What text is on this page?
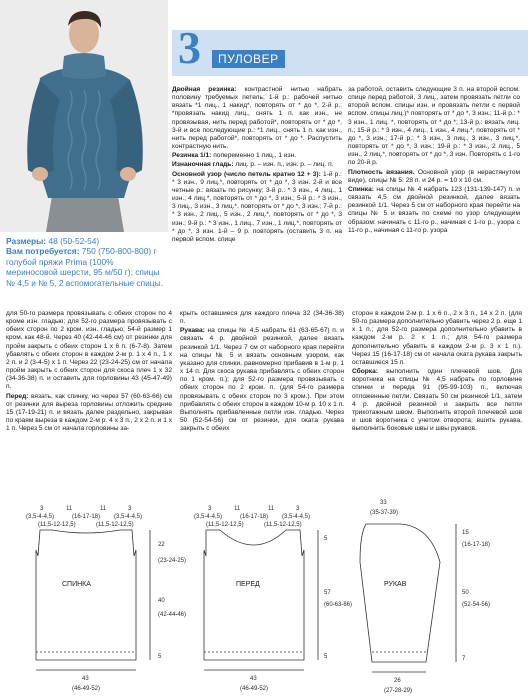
Размеры: 48 (50-52-54)
Вам потребуется: 750 (750-800-800) г голубой пряжи Prima (100% мериносовой шерсти, 95 м/50 г); спицы № 4,5 и № 5, 2 вспомогательные спицы.
3	ПУЛОВЕР

Двойная резинка: контрастной нитью набрать половину требуемых петель; 1-й р.: рабочей нитью вязать *1 лиц., 1 накид*, повторять от * до *, 2-й р.: *провязать накид лиц., снять 1 п. как изн., не провязывая, нить перед работой*, повторять от * до *, 3-й и все последующие р.: *1 лиц., снять 1 п. как изн., нить перед работой*, повторять от * до *. Распустить контрастную нить.

Резинка 1/1: попеременно 1 лиц., 1 изн.

Изнаночная гладь: лиц. р. – изн. п., изн. р. – лиц. п.

Основной узор (число петель кратно 12 + 3): 1-й р.: * 3 изн., 9 лиц.*, повторять от * до *, 3 изн. 2-й и все четные р.: вязать по рисунку; 3-й р.: * 3 изн., 4 лиц., 1 изн., 4 лиц.*, повторять от * до *, 3 изн.; 5-й р.: * 3 изн., 3 лиц., 3 изн., 3 лиц.*, повторять от * до *, 3 изн.; 7-й р.: * 3 изн., 2 лиц., 5 изн., 2 лиц.*, повторять от * до *, 3 изн.; 9-й р.: * 3 изн., 1 лиц., 7 изн., 1 лиц.*, повторять от * до *, 3 изн. 1-й – 9 р. повторять (оставить 3 п. на первой вспом. спице

за работой, оставить следующие 3 п. на второй вспом. спице перед работой, 3 лиц., затем провязать петли со второй вспом. спицы изн. и провязать петли с первой вспом. спицы лиц.)* повторять от * до *, 3 изн.; 11-й р.: * 3 изн., 1 лиц. *, повторять от * до *; 13-й р.: вязать лиц. п.; 15-й р.: * 3 изн., 4 лиц., 1 изн., 4 лиц.*, повторять от * до *, 3 изн.; 17-й р.: * 3 изн., 3 лиц., 3 изн., 3 лиц.*, повторять от * до *, 3 изн.; 19-й р.: * 3 изн., 2 лиц., 5 изн., 2 лиц.*, повторять от * до *, 3 изн. Повторять с 1-го по 20-й р.

Плотность вязания. Основной узор (в нерастянутом виде), спицы № 5: 28 п. и 24 р. = 10 х 10 см.

Спинка: на спицы № 4 набрать 123 (131-139-147) п. и связать 4,5 см двойной резинкой, далее вязать резинкой 1/1. Через 5 см от наборного края перейти на спицы № 5 и вязать по схеме по узор следующим образом: начинать с 11-го р., начиная с 1-го р., узора с 11-го р., начиная с 11-го р. узора

для 50-го размера провязывать с обеих сторон по 4 кроме изн. гладью; для 52-го размера провязывать с обеих сторон по 2 кром. изн. гладью; 54-й размер 1 кром. как 48-й. Через 40 (42-44-46 см) от резинки для пройм закрыть с обеих сторон 1 х 6 п. (6-7-8). Затем убавлять с обеих сторон в каждом 2-м р. 1 х 4 п., 1 х 2 п. и 2 (3-4-5) х 1 п. Через 22 (23-24-25) см от начала пройм закрыть с обеих сторон для скоса плеч 1 х 32 (34-36-38) п. и оставить для горловины 43 (45-47-49) п.

Перед: вязать, как спинку, но через 57 (60-63-66) см от резинки для выреза горловины отложить средние 15 (17-19-21) п. и вязать далее раздельно, закрывая по краям выреза в каждом 2-м р. 4 х 3 п., 2 х 2 п. и 1 х 1 п. Через 5 см от начала горловины за-

крыть оставшиеся для каждого плеча 32 (34-36-38) п.

Рукава: на спицы № 4,5 набрать 61 (63-65-67) п. и связать 4 р. двойной резинкой, далее вязать резинкой 1/1. Через 7 см от наборного края перейти на спицы № 5 и вязать основным узором, как указано для спинки, равномерно прибавив в 1-м р. 1 х 14 п. Для скоса рукава прибавлять с обеих сторон по 1 кром. п.); для 52-го размера провязывать с обеих сторон по 2 кром. п. (для 54-го размера провязывать с обеих сторон по 3 кром.). При этом прибавлять с обеих сторон в каждом 10-м р. 10 х 1 п. Выполнять прибавленные петли изн. гладью. Через 50 (52-54-56) см от резинки, для оката рукава закрыть с обеих

сторон в каждом 2-м р. 1 х 6 п., 2 х 3 п., 14 х 2 п. (для 50-го размера дополнительно убавить через 2 р. еще 1 х 1 п.; для 52-го размера дополнительно убавить в каждом 2-м р. 2 х 1 п.; для 54-го размера дополнительно убавить в каждом 2-м р. 3 х 1 п.). Через 15 (16-17-18) см от начала оката рукава закрыть оставшиеся 15 п.

Сборка: выполнить один плечевой шов. Для воротника на спицы № 4,5 набрать по горловине спинки и переда 91 (95-99-103) п., включая отложенные петли. Связать 50 см резинкой 1/1, затем 4 р. двойной резинкой и закрыть все петли трикотажным швом. Выполнить второй плечевой шов и шов воротника с учетом отворота; вшить рукава, выполнить боковые швы и швы рукавов.

СПИНКА
3	11	11	3
(3,5-4-4,5)	(16-17-18) (3,5-4-4,5)
(11,5-12-12,5)	(11,5-12-12,5)
22
(23-24-25)
40
(42-44-46)
5
43
(46-49-52)
ПЕРЕД
3	11	11	3
(3,5-4-4,5)	(16-17-18) (3,5-4-4,5)
(11,5-12-12,5)	(11,5-12-12,5)
5
57
(60-63-66)
5
43
(46-49-52)
РУКАВ
33
(35-37-39)
15
(16-17-18)
50
(52-54-56)
7
26
(27-28-29)
